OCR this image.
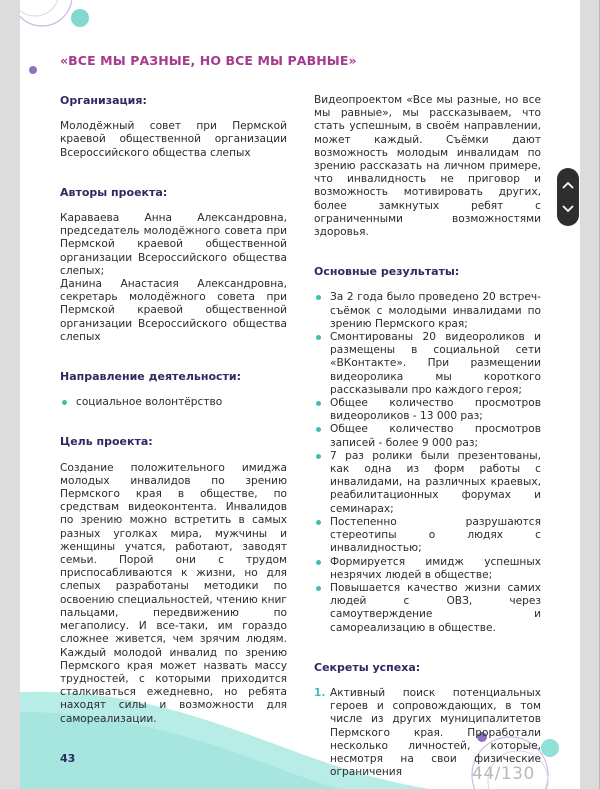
«ВСЕ МЫ РАЗНЫЕ, НО ВСЕ МЫ РАВНЫЕ»

Организация:

Молодёжный совет при Пермской краевой общественной организации Всероссийского общества слепых

Авторы проекта:

Караваева Анна Александровна, председатель молодёжного совета при Пермской краевой общественной организации Всероссийского общества слепых;

Данина Анастасия Александровна, секретарь молодёжного совета при Пермской краевой общественной организации Всероссийского общества слепых

Направление деятельности:

социальное волонтёрство

Цель проекта:

Создание положительного имиджа молодых инвалидов по зрению Пермского края в обществе, по средствам видеоконтента. Инвалидов по зрению можно встретить в самых разных уголках мира, мужчины и женщины учатся, работают, заводят семьи. Порой они с трудом приспосабливаются к жизни, но для слепых разработаны методики по освоению специальностей, чтению книг пальцами, передвижению по мегаполису. И все-таки, им гораздо сложнее живется, чем зрячим людям. Каждый молодой инвалид по зрению Пермского края может назвать массу трудностей, с которыми приходится сталкиваться ежедневно, но ребята находят силы и возможности для самореализации.

Видеопроектом «Все мы разные, но все мы равные», мы рассказываем, что стать успешным, в своём направлении, может каждый. Съёмки дают возможность молодым инвалидам по зрению рассказать на личном примере, что инвалидность не приговор и возможность мотивировать других, более замкнутых ребят с ограниченными возможностями здоровья.

Основные результаты:

За 2 года было проведено 20 встреч-съёмок с молодыми инвалидами по зрению Пермского края;
Смонтированы 20 видеороликов и размещены в социальной сети «ВКонтакте». При размещении видеоролика мы короткого рассказывали про каждого героя;
Общее количество просмотров видеороликов - 13 000 раз;
Общее количество просмотров записей - более 9 000 раз;
7 раз ролики были презентованы, как одна из форм работы с инвалидами, на различных краевых, реабилитационных форумах и семинарах;
Постепенно разрушаются стереотипы о людях с инвалидностью;
Формируется имидж успешных незрячих людей в обществе;
Повышается качество жизни самих людей с ОВЗ, через самоутверждение и самореализацию в обществе.

Секреты успеха:

1. Активный поиск потенциальных героев и сопровождающих, в том числе из других муниципалитетов Пермского края. Проработали несколько личностей, которые, несмотря на свои физические ограничения
43
44/130
